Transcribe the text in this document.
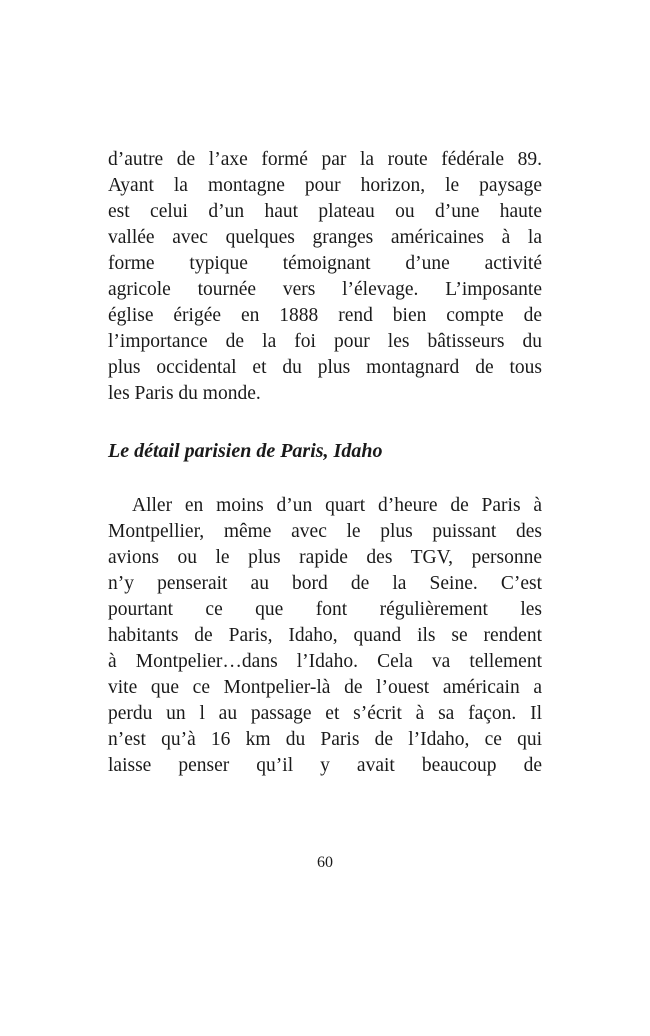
d’autre de l’axe formé par la route fédérale 89.
Ayant la montagne pour horizon, le paysage
est celui d’un haut plateau ou d’une haute
vallée avec quelques granges américaines à la
forme typique témoignant d’une activité
agricole tournée vers l’élevage. L’imposante
église érigée en 1888 rend bien compte de
l’importance de la foi pour les bâtisseurs du
plus occidental et du plus montagnard de tous
les Paris du monde.
Le détail parisien de Paris, Idaho
Aller en moins d’un quart d’heure de Paris à
Montpellier, même avec le plus puissant des
avions ou le plus rapide des TGV, personne
n’y penserait au bord de la Seine. C’est
pourtant ce que font régulièrement les
habitants de Paris, Idaho, quand ils se rendent
à Montpelier…dans l’Idaho. Cela va tellement
vite que ce Montpelier-là de l’ouest américain a
perdu un l au passage et s’écrit à sa façon. Il
n’est qu’à 16 km du Paris de l’Idaho, ce qui
laisse penser qu’il y avait beaucoup de
60
